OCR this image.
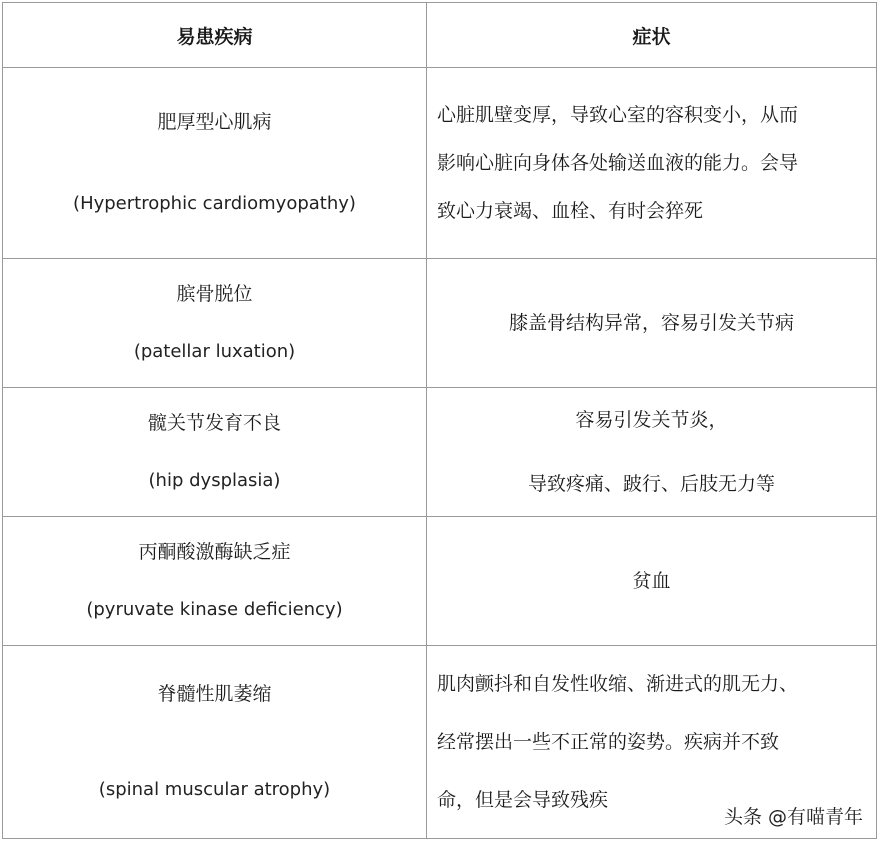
易患疾病	症状

肥厚型心肌病
(Hypertrophic cardiomyopathy)	心脏肌壁变厚，导致心室的容积变小，从而
影响心脏向身体各处输送血液的能力。会导
致心力衰竭、血栓、有时会猝死

膑骨脱位
(patellar luxation)	膝盖骨结构异常，容易引发关节病

髋关节发育不良
(hip dysplasia)	容易引发关节炎，
导致疼痛、跛行、后肢无力等

丙酮酸激酶缺乏症
(pyruvate kinase deficiency)	贫血

脊髓性肌萎缩
(spinal muscular atrophy)	肌肉颤抖和自发性收缩、渐进式的肌无力、
经常摆出一些不正常的姿势。疾病并不致
命，但是会导致残疾
头条 @有喵青年
